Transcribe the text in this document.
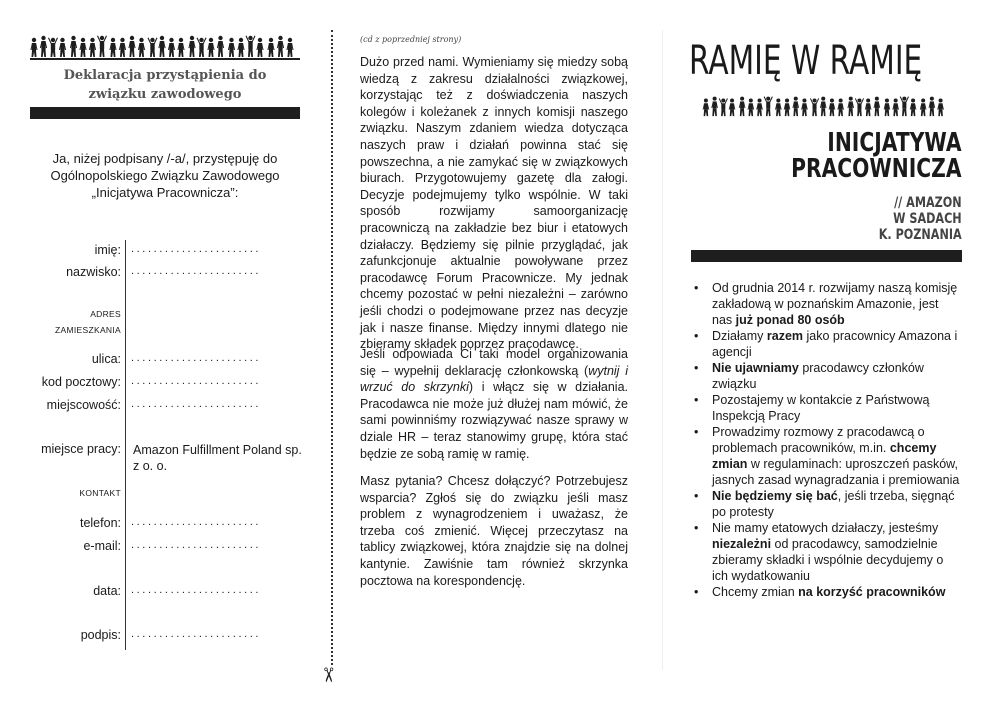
Deklaracja przystąpienia do
związku zawodowego
Ja, niżej podpisany /-a/, przystępuję do Ogólnopolskiego Związku Zawodowego „Inicjatywa Pracownicza”:
imię: .......................
nazwisko: .......................
ADRES
ZAMIESZKANIA
ulica: .......................
kod pocztowy: .......................
miejscowość: .......................
miejsce pracy: Amazon Fulfillment Poland sp. z o. o.
KONTAKT
telefon: .......................
e-mail: .......................
data: .......................
podpis: .......................
✂
(cd z poprzedniej strony)
Dużo przed nami. Wymieniamy się miedzy sobą wiedzą z zakresu działalności związkowej, korzystając też z doświadczenia naszych kolegów i koleżanek z innych komisji naszego związku. Naszym zdaniem wiedza dotycząca naszych praw i działań powinna stać się powszechna, a nie zamykać się w związkowych biurach. Przygotowujemy gazetę dla załogi. Decyzje podejmujemy tylko wspólnie. W taki sposób rozwijamy samoorganizację pracowniczą na zakładzie bez biur i etatowych działaczy. Będziemy się pilnie przyglądać, jak zafunkcjonuje aktualnie powoływane przez pracodawcę Forum Pracownicze. My jednak chcemy pozostać w pełni niezależni – zarówno jeśli chodzi o podejmowane przez nas decyzje jak i nasze finanse. Między innymi dlatego nie zbieramy składek poprzez pracodawcę.
Jeśli odpowiada Ci taki model organizowania się – wypełnij deklarację członkowską (wytnij i wrzuć do skrzynki) i włącz się w działania. Pracodawca nie może już dłużej nam mówić, że sami powinniśmy rozwiązywać nasze sprawy w dziale HR – teraz stanowimy grupę, która stać będzie ze sobą ramię w ramię.
Masz pytania? Chcesz dołączyć? Potrzebujesz wsparcia? Zgłoś się do związku jeśli masz problem z wynagrodzeniem i uważasz, że trzeba coś zmienić. Więcej przeczytasz na tablicy związkowej, która znajdzie się na dolnej kantynie. Zawiśnie tam również skrzynka pocztowa na korespondencję.
RAMIĘ W RAMIĘ
INICJATYWA
PRACOWNICZA
// AMAZON
W SADACH
K. POZNANIA
• Od grudnia 2014 r. rozwijamy naszą komisję zakładową w poznańskim Amazonie, jest nas już ponad 80 osób
• Działamy razem jako pracownicy Amazona i agencji
• Nie ujawniamy pracodawcy członków związku
• Pozostajemy w kontakcie z Państwową Inspekcją Pracy
• Prowadzimy rozmowy z pracodawcą o problemach pracowników, m.in. chcemy zmian w regulaminach: uproszczeń pasków, jasnych zasad wynagradzania i premiowania
• Nie będziemy się bać, jeśli trzeba, sięgnąć po protesty
• Nie mamy etatowych działaczy, jesteśmy niezależni od pracodawcy, samodzielnie zbieramy składki i wspólnie decydujemy o ich wydatkowaniu
• Chcemy zmian na korzyść pracowników
